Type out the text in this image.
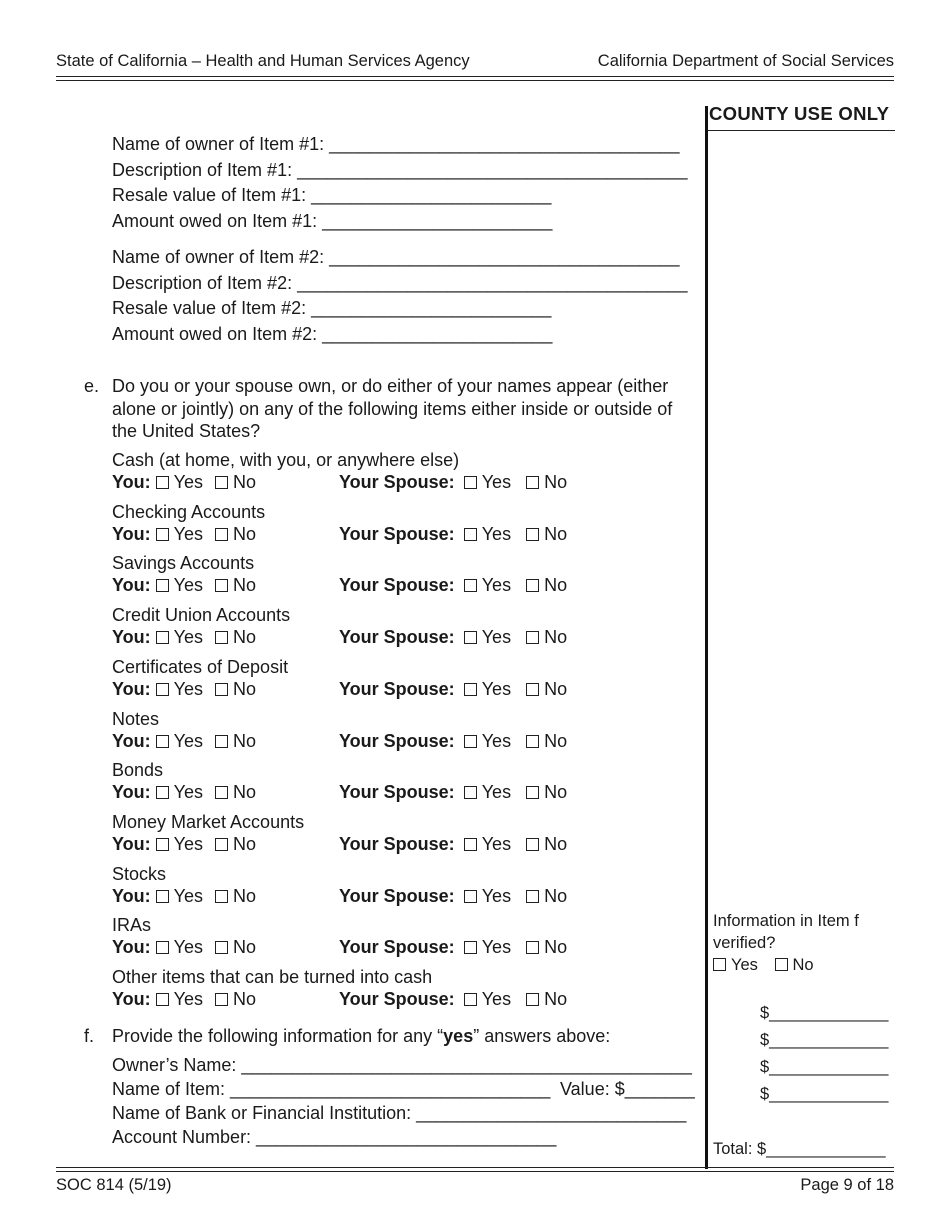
State of California – Health and Human Services Agency	California Department of Social Services
COUNTY USE ONLY
Name of owner of Item #1: ___________________________________
Description of Item #1: _______________________________________
Resale value of Item #1: ________________________
Amount owed on Item #1: _______________________
Name of owner of Item #2: ___________________________________
Description of Item #2: _______________________________________
Resale value of Item #2: ________________________
Amount owed on Item #2: _______________________
e. Do you or your spouse own, or do either of your names appear (either
alone or jointly) on any of the following items either inside or outside of
the United States?
Cash (at home, with you, or anywhere else)
You: Yes No	Your Spouse: Yes No
Checking Accounts
You: Yes No	Your Spouse: Yes No
Savings Accounts
You: Yes No	Your Spouse: Yes No
Credit Union Accounts
You: Yes No	Your Spouse: Yes No
Certificates of Deposit
You: Yes No	Your Spouse: Yes No
Notes
You: Yes No	Your Spouse: Yes No
Bonds
You: Yes No	Your Spouse: Yes No
Money Market Accounts
You: Yes No	Your Spouse: Yes No
Stocks
You: Yes No	Your Spouse: Yes No
IRAs
You: Yes No	Your Spouse: Yes No
Other items that can be turned into cash
You: Yes No	Your Spouse: Yes No
f. Provide the following information for any “yes” answers above:
Owner’s Name: _____________________________________________
Name of Item: ________________________________ Value: $_______
Name of Bank or Financial Institution: ___________________________
Account Number: ______________________________
Information in Item f
verified?
Yes No
$_____________
$_____________
$_____________
$_____________
Total: $_____________
SOC 814 (5/19)	Page 9 of 18
